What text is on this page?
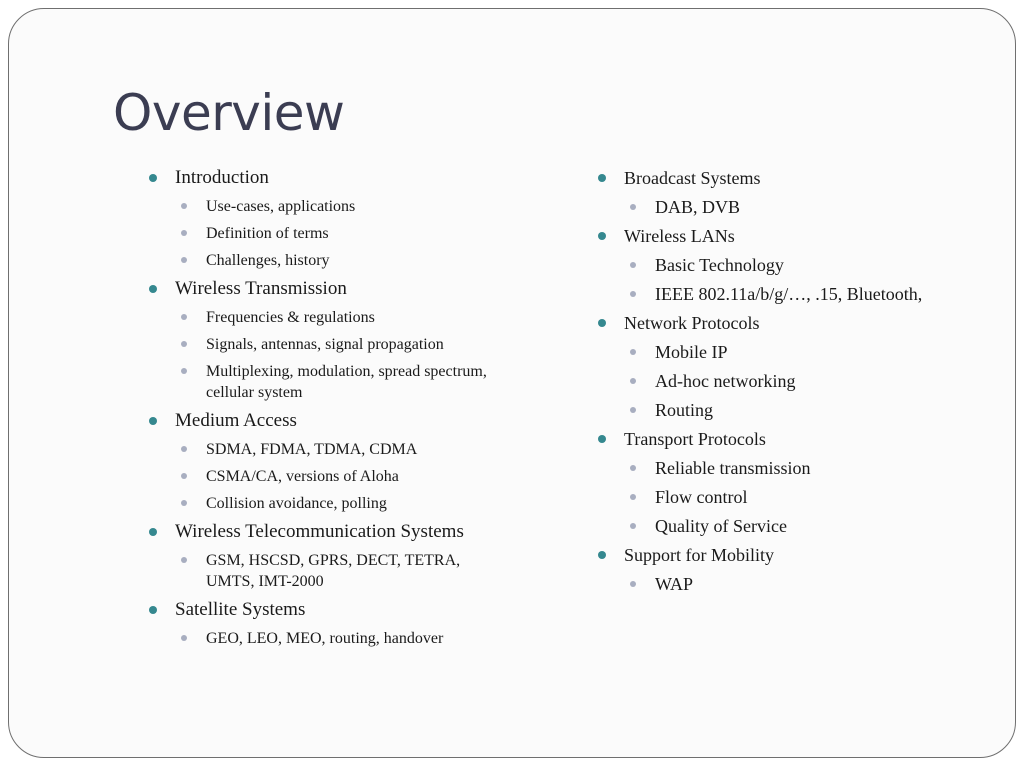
Overview
Introduction
Use-cases, applications
Definition of terms
Challenges, history
Wireless Transmission
Frequencies & regulations
Signals, antennas, signal propagation
Multiplexing, modulation, spread spectrum, cellular system
Medium Access
SDMA, FDMA, TDMA, CDMA
CSMA/CA, versions of Aloha
Collision avoidance, polling
Wireless Telecommunication Systems
GSM, HSCSD, GPRS, DECT, TETRA, UMTS, IMT-2000
Satellite Systems
GEO, LEO, MEO, routing, handover
Broadcast Systems
DAB, DVB
Wireless LANs
Basic Technology
IEEE 802.11a/b/g/…, .15, Bluetooth,
Network Protocols
Mobile IP
Ad-hoc networking
Routing
Transport Protocols
Reliable transmission
Flow control
Quality of Service
Support for Mobility
WAP
